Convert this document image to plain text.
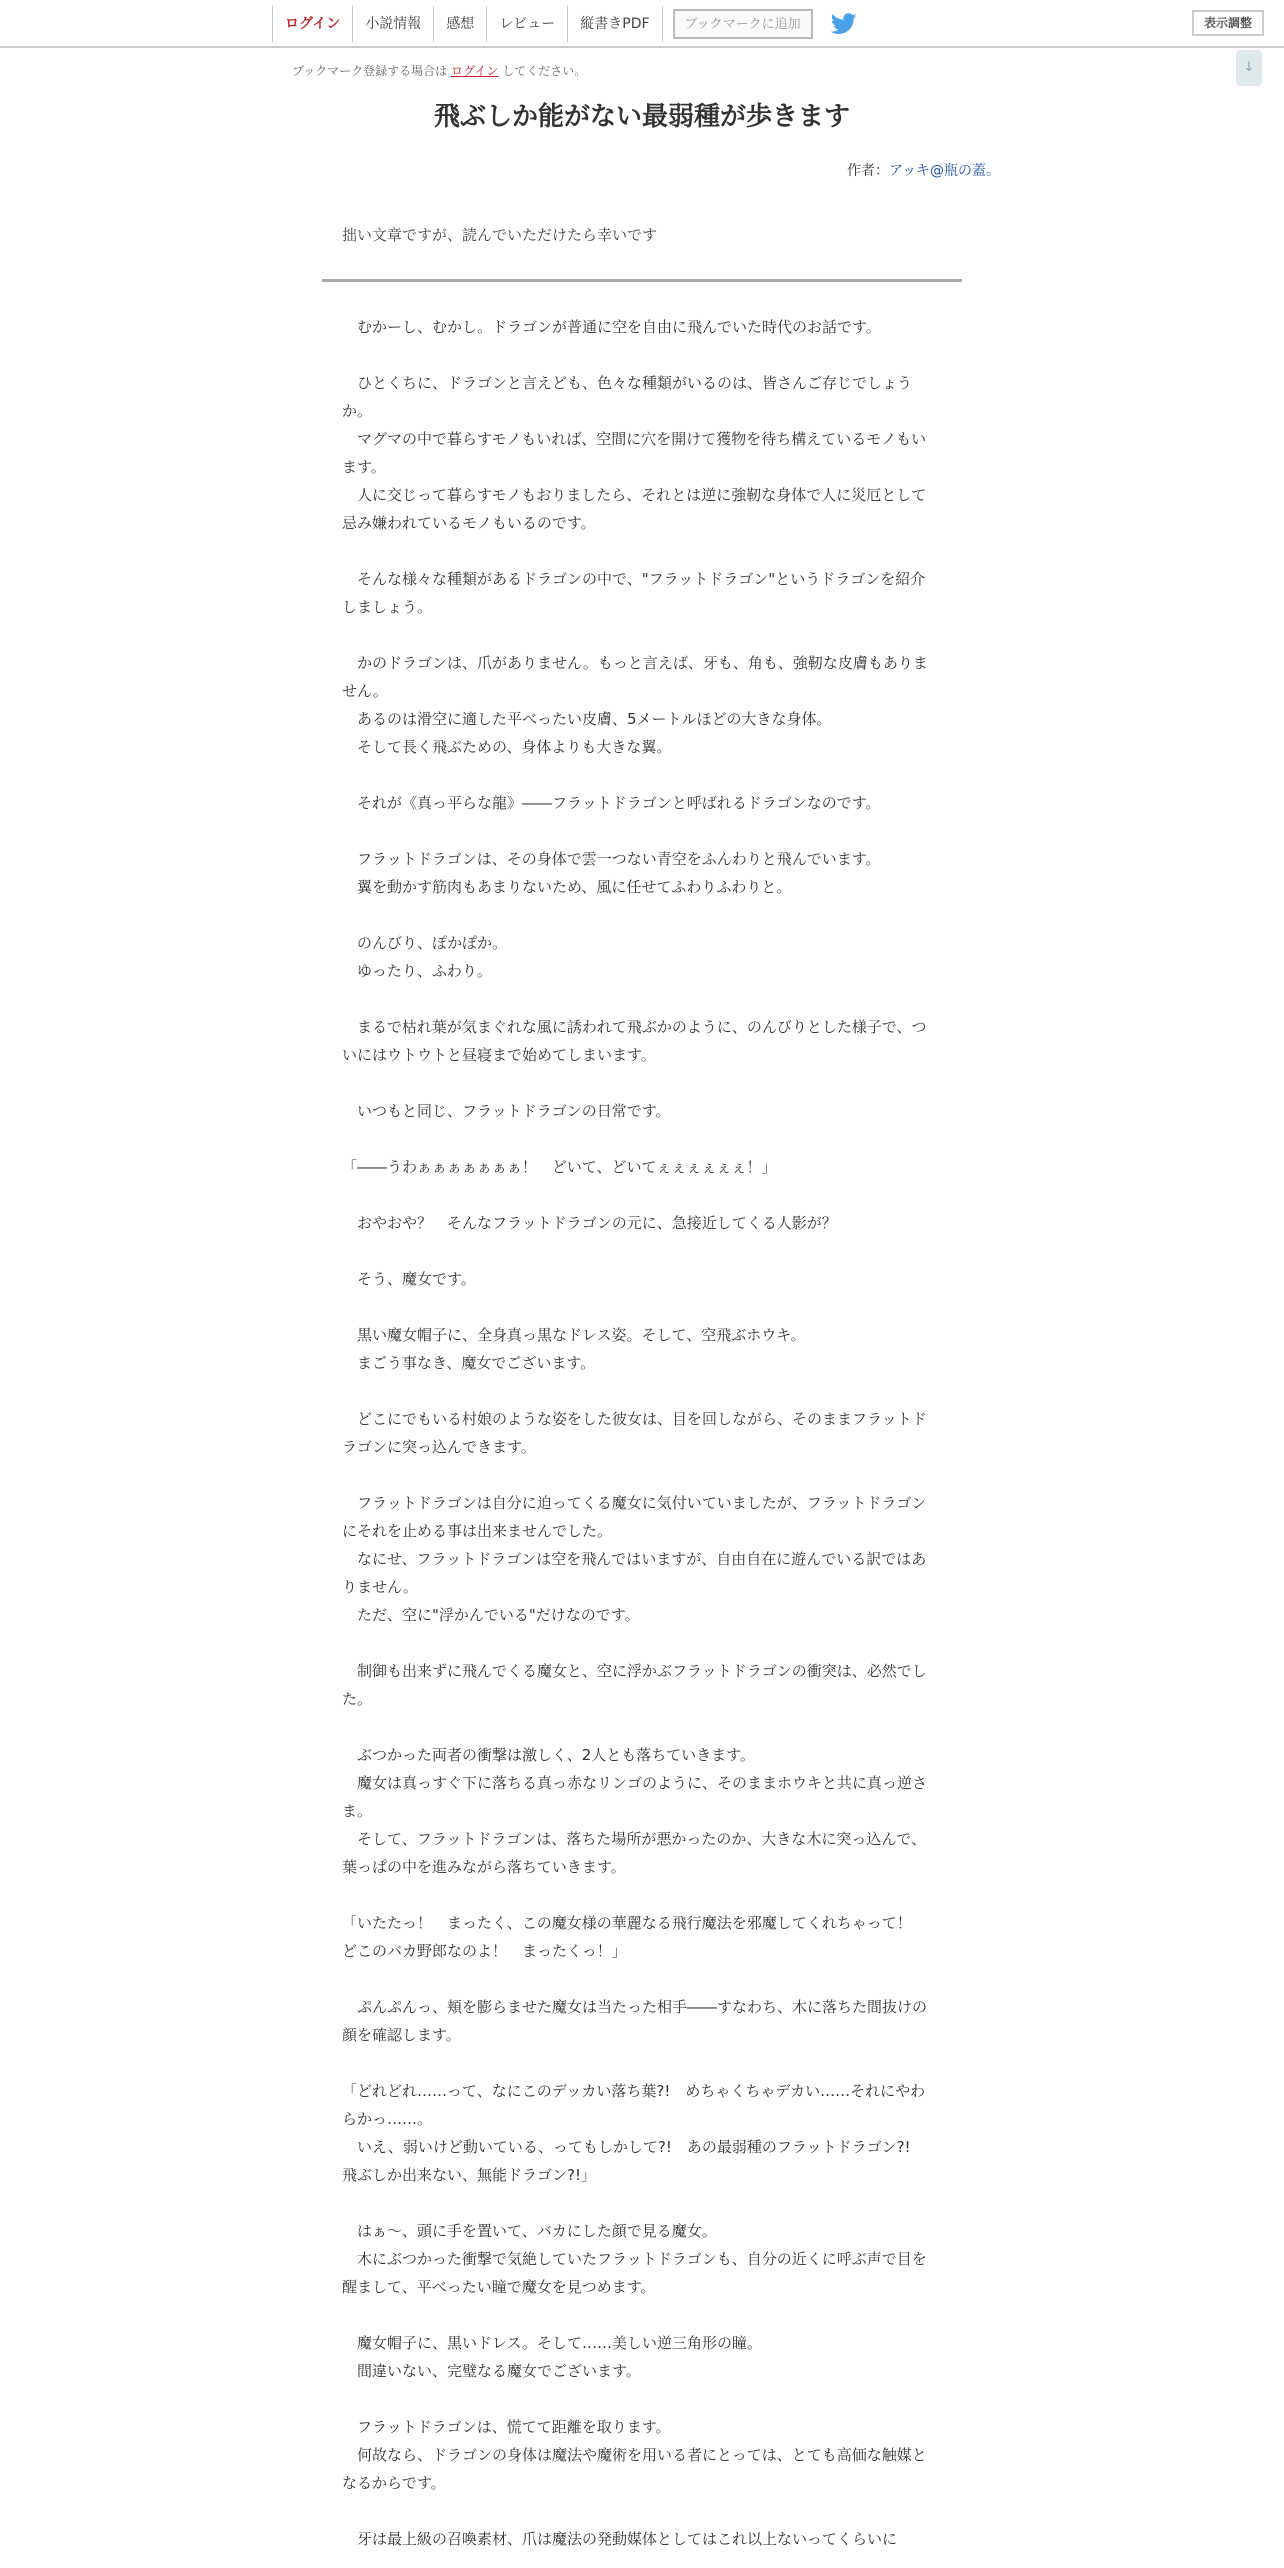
ログイン	小説情報	感想	レビュー	縦書きPDF	ブックマークに追加	表示調整
ブックマーク登録する場合は ログイン してください。	↓
飛ぶしか能がない最弱種が歩きます
作者：アッキ@瓶の蓋。
拙い文章ですが、読んでいただけたら幸いです

　むかーし、むかし。ドラゴンが普通に空を自由に飛んでいた時代のお話です。

　ひとくちに、ドラゴンと言えども、色々な種類がいるのは、皆さんご存じでしょうか。

　マグマの中で暮らすモノもいれば、空間に穴を開けて獲物を待ち構えているモノもいます。

　人に交じって暮らすモノもおりましたら、それとは逆に強靭な身体で人に災厄として忌み嫌われているモノもいるのです。

　そんな様々な種類があるドラゴンの中で、"フラットドラゴン"というドラゴンを紹介しましょう。

　かのドラゴンは、爪がありません。もっと言えば、牙も、角も、強靭な皮膚もありません。

　あるのは滑空に適した平べったい皮膚、5メートルほどの大きな身体。

　そして長く飛ぶための、身体よりも大きな翼。

　それが《真っ平らな龍》――フラットドラゴンと呼ばれるドラゴンなのです。

　フラットドラゴンは、その身体で雲一つない青空をふんわりと飛んでいます。

　翼を動かす筋肉もあまりないため、風に任せてふわりふわりと。

　のんびり、ぽかぽか。

　ゆったり、ふわり。

　まるで枯れ葉が気まぐれな風に誘われて飛ぶかのように、のんびりとした様子で、ついにはウトウトと昼寝まで始めてしまいます。

　いつもと同じ、フラットドラゴンの日常です。

「――うわぁぁぁぁぁぁぁ！　どいて、どいてぇぇぇぇぇぇ！」

　おやおや？　そんなフラットドラゴンの元に、急接近してくる人影が？

　そう、魔女です。

　黒い魔女帽子に、全身真っ黒なドレス姿。そして、空飛ぶホウキ。

　まごう事なき、魔女でございます。

　どこにでもいる村娘のような姿をした彼女は、目を回しながら、そのままフラットドラゴンに突っ込んできます。

　フラットドラゴンは自分に迫ってくる魔女に気付いていましたが、フラットドラゴンにそれを止める事は出来ませんでした。

　なにせ、フラットドラゴンは空を飛んではいますが、自由自在に遊んでいる訳ではありません。

　ただ、空に"浮かんでいる"だけなのです。

　制御も出来ずに飛んでくる魔女と、空に浮かぶフラットドラゴンの衝突は、必然でした。

　ぶつかった両者の衝撃は激しく、2人とも落ちていきます。

　魔女は真っすぐ下に落ちる真っ赤なリンゴのように、そのままホウキと共に真っ逆さま。

　そして、フラットドラゴンは、落ちた場所が悪かったのか、大きな木に突っ込んで、葉っぱの中を進みながら落ちていきます。

「いたたっ！　まったく、この魔女様の華麗なる飛行魔法を邪魔してくれちゃって！　どこのバカ野郎なのよ！　まったくっ！」

　ぷんぷんっ、頬を膨らませた魔女は当たった相手――すなわち、木に落ちた間抜けの顔を確認します。

「どれどれ……って、なにこのデッカい落ち葉?!　めちゃくちゃデカい……それにやわらかっ……。

　いえ、弱いけど動いている、ってもしかして?!　あの最弱種のフラットドラゴン?!　飛ぶしか出来ない、無能ドラゴン?!」

　はぁ～、頭に手を置いて、バカにした顔で見る魔女。

　木にぶつかった衝撃で気絶していたフラットドラゴンも、自分の近くに呼ぶ声で目を醒まして、平べったい瞳で魔女を見つめます。

　魔女帽子に、黒いドレス。そして……美しい逆三角形の瞳。

　間違いない、完璧なる魔女でございます。

　フラットドラゴンは、慌てて距離を取ります。

　何故なら、ドラゴンの身体は魔法や魔術を用いる者にとっては、とても高価な触媒となるからです。

　牙は最上級の召喚素材、爪は魔法の発動媒体としてはこれ以上ないってくらいに
